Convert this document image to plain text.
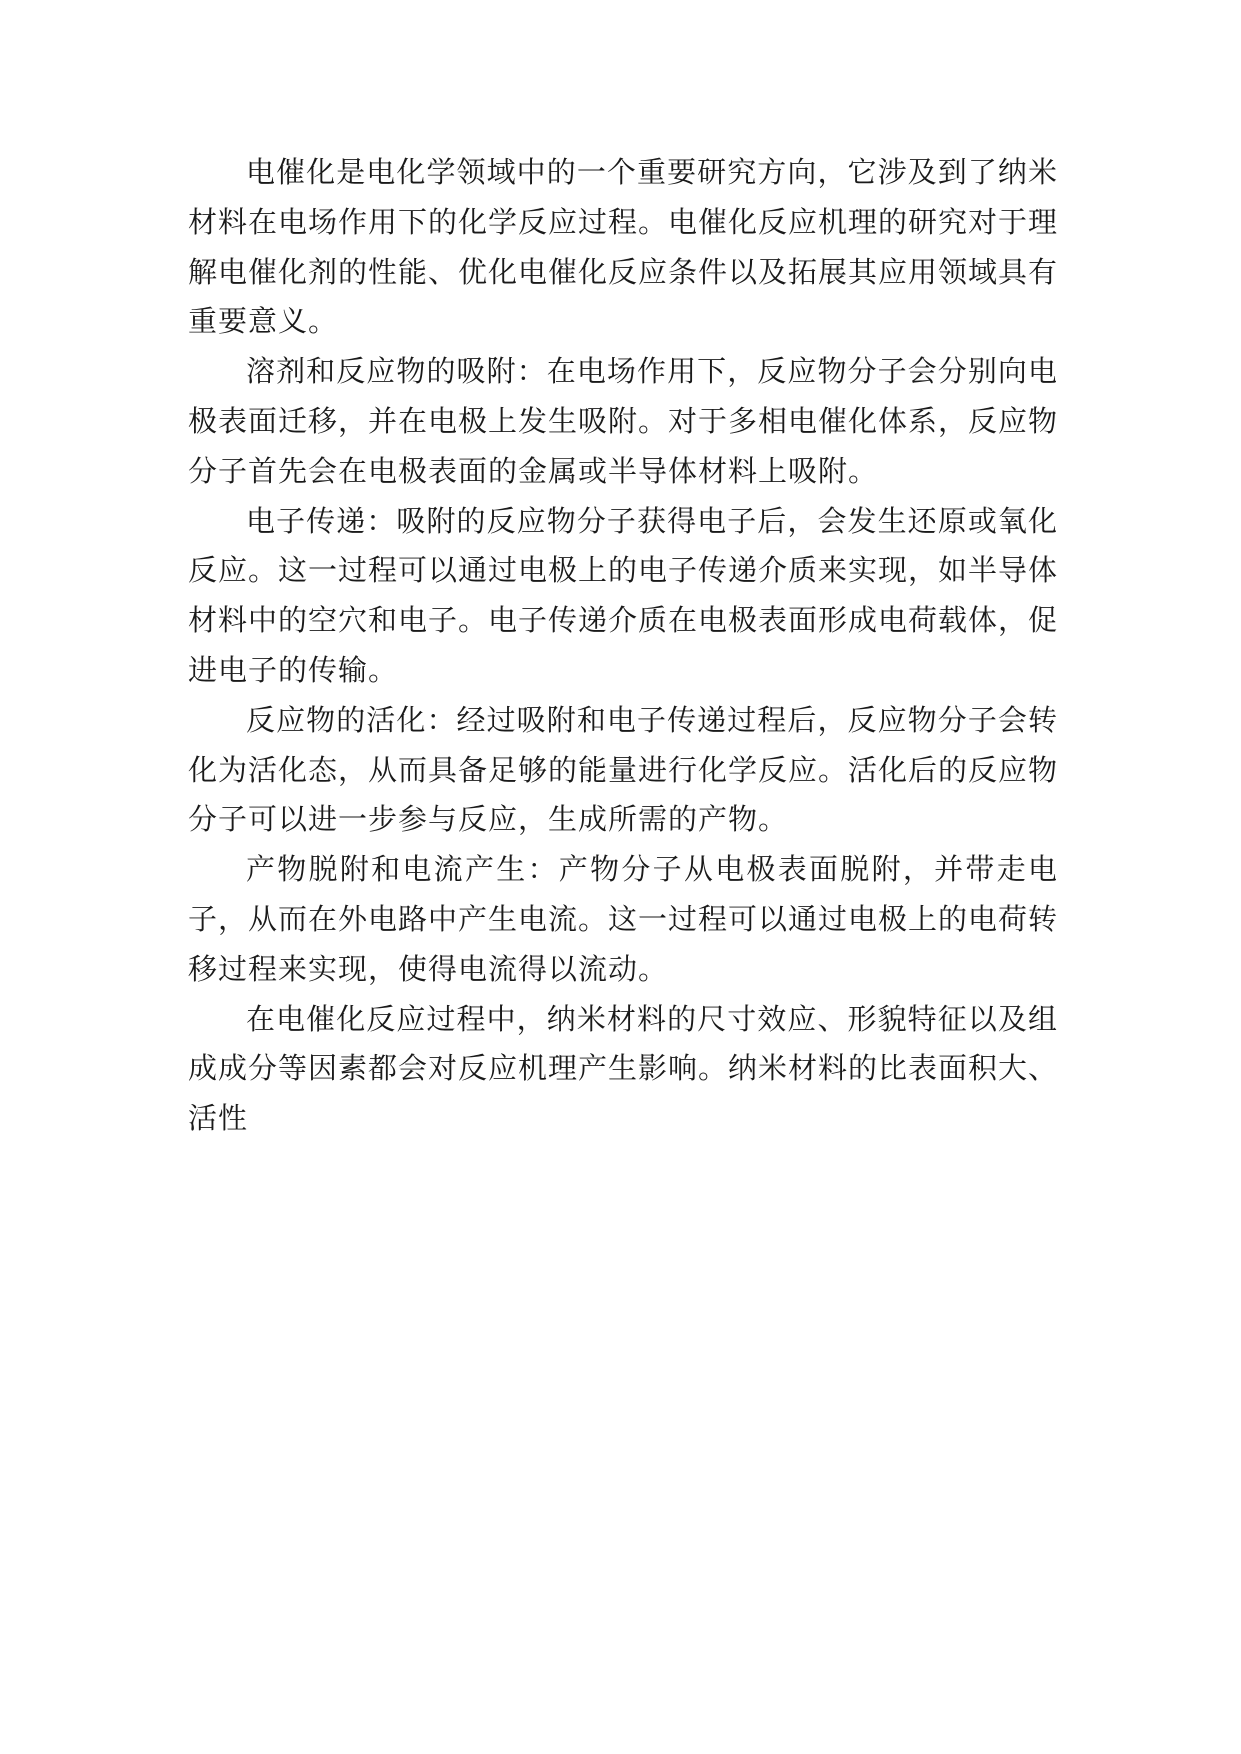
电催化是电化学领域中的一个重要研究方向，它涉及到了纳米材料在电场作用下的化学反应过程。电催化反应机理的研究对于理解电催化剂的性能、优化电催化反应条件以及拓展其应用领域具有重要意义。

溶剂和反应物的吸附：在电场作用下，反应物分子会分别向电极表面迁移，并在电极上发生吸附。对于多相电催化体系，反应物分子首先会在电极表面的金属或半导体材料上吸附。

电子传递：吸附的反应物分子获得电子后，会发生还原或氧化反应。这一过程可以通过电极上的电子传递介质来实现，如半导体材料中的空穴和电子。电子传递介质在电极表面形成电荷载体，促进电子的传输。

反应物的活化：经过吸附和电子传递过程后，反应物分子会转化为活化态，从而具备足够的能量进行化学反应。活化后的反应物分子可以进一步参与反应，生成所需的产物。

产物脱附和电流产生：产物分子从电极表面脱附，并带走电子，从而在外电路中产生电流。这一过程可以通过电极上的电荷转移过程来实现，使得电流得以流动。

在电催化反应过程中，纳米材料的尺寸效应、形貌特征以及组成成分等因素都会对反应机理产生影响。纳米材料的比表面积大、活性
